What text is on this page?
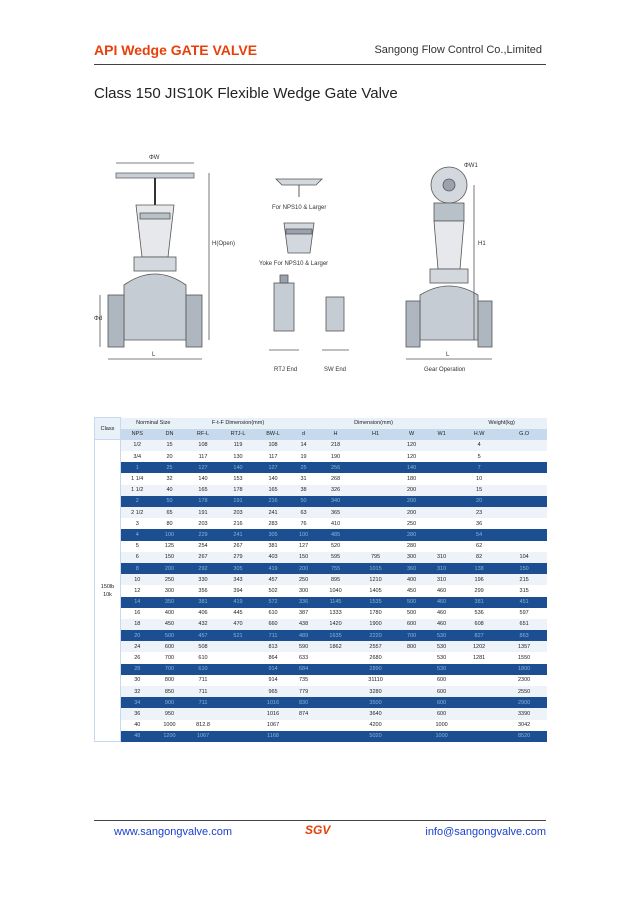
API Wedge GATE VALVE	Sangong Flow Control Co.,Limited
Class 150 JIS10K Flexible Wedge Gate Valve
ΦW
H(Open)
Φd
L
For NPS10 & Larger
Yoke For NPS10 & Larger
RTJ End	SW End
ΦW1
H1
L
Gear Operation
Class	Norminal Size		F-t-F Dimension(mm)			Dimension(mm)					Weight(kg)	
	NPS	DN	RF-L	RTJ-L	BW-L	d	H	H1	W	W1	H.W	G.O

150lb
10k	1/2	15	108	119	108	14	218		120		4	
	3/4	20	117	130	117	19	190		120		5	
	1	25	127	140	127	25	256		140		7	
	1 1/4	32	140	153	140	31	268		180		10	
	1 1/2	40	165	178	165	38	326		200		15	
	2	50	178	191	216	50	340		200		20	
	2 1/2	65	191	203	241	63	365		200		23	
	3	80	203	216	283	76	410		250		36	
	4	100	229	241	305	100	485		280		54	
	5	125	254	267	381	127	520		280		62	
	6	150	267	279	403	150	595	795	300	310	82	104
	8	200	292	305	419	200	755	1015	360	310	138	150
	10	250	330	343	457	250	895	1210	400	310	196	215
	12	300	356	394	502	300	1040	1405	450	460	299	315
	14	350	381	419	572	336	1145	1535	500	460	381	451
	16	400	406	445	610	387	1333	1780	500	460	536	597
	18	450	432	470	660	438	1420	1900	600	460	608	651
	20	500	457	521	711	489	1635	2220	700	530	827	863
	24	600	508		813	590	1862	2557	800	530	1202	1357
	26	700	610		864	633		2680		530	1281	1550
	28	700	610		914	684		2890		530		1800
	30	800	711		914	735		31110		600		2300
	32	850	711		965	779		3280		600		2550
	34	900	711		1016	830		3500		600		2900
	36	950			1016	874		3640		600		3390
	40	1000	812.8		1067			4200		1000		3042
	48	1200	1067		1168			5020		1000		8520
www.sangongvalve.com	SGV	info@sangongvalve.com
